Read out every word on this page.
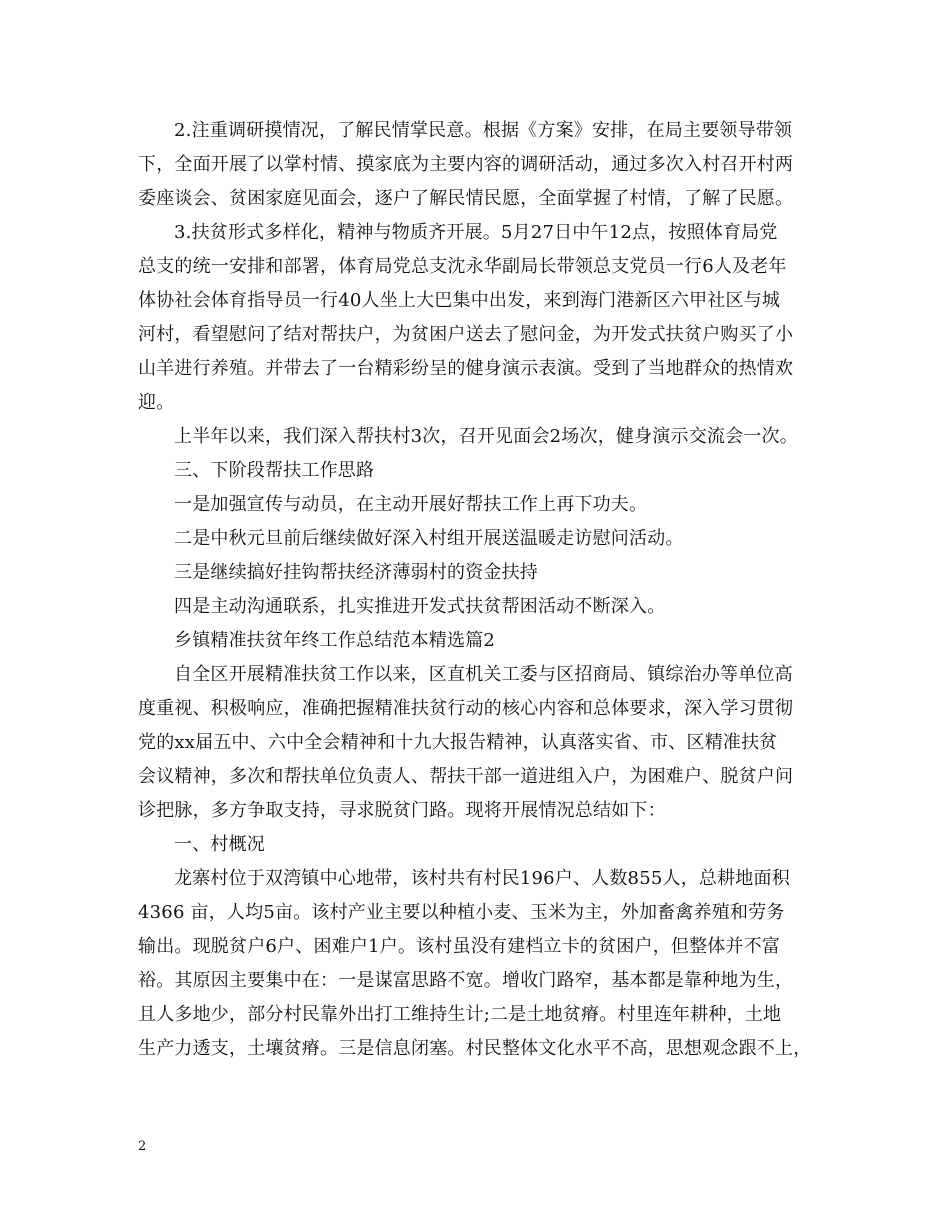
2.注重调研摸情况，了解民情掌民意。根据《方案》安排，在局主要领导带领
下，全面开展了以掌村情、摸家底为主要内容的调研活动，通过多次入村召开村两
委座谈会、贫困家庭见面会，逐户了解民情民愿，全面掌握了村情，了解了民愿。
3.扶贫形式多样化，精神与物质齐开展。5月27日中午12点，按照体育局党
总支的统一安排和部署，体育局党总支沈永华副局长带领总支党员一行6人及老年
体协社会体育指导员一行40人坐上大巴集中出发，来到海门港新区六甲社区与城
河村，看望慰问了结对帮扶户，为贫困户送去了慰问金，为开发式扶贫户购买了小
山羊进行养殖。并带去了一台精彩纷呈的健身演示表演。受到了当地群众的热情欢
迎。
上半年以来，我们深入帮扶村3次，召开见面会2场次，健身演示交流会一次。
三、下阶段帮扶工作思路
一是加强宣传与动员，在主动开展好帮扶工作上再下功夫。
二是中秋元旦前后继续做好深入村组开展送温暖走访慰问活动。
三是继续搞好挂钩帮扶经济薄弱村的资金扶持
四是主动沟通联系，扎实推进开发式扶贫帮困活动不断深入。
乡镇精准扶贫年终工作总结范本精选篇2
自全区开展精准扶贫工作以来，区直机关工委与区招商局、镇综治办等单位高
度重视、积极响应，准确把握精准扶贫行动的核心内容和总体要求，深入学习贯彻
党的xx届五中、六中全会精神和十九大报告精神，认真落实省、市、区精准扶贫
会议精神，多次和帮扶单位负责人、帮扶干部一道进组入户，为困难户、脱贫户问
诊把脉，多方争取支持，寻求脱贫门路。现将开展情况总结如下：
一、村概况
龙寨村位于双湾镇中心地带，该村共有村民196户、人数855人，总耕地面积
4366 亩，人均5亩。该村产业主要以种植小麦、玉米为主，外加畜禽养殖和劳务
输出。现脱贫户6户、困难户1户。该村虽没有建档立卡的贫困户，但整体并不富
裕。其原因主要集中在：一是谋富思路不宽。增收门路窄，基本都是靠种地为生，
且人多地少，部分村民靠外出打工维持生计;二是土地贫瘠。村里连年耕种，土地
生产力透支，土壤贫瘠。三是信息闭塞。村民整体文化水平不高，思想观念跟不上，
2
